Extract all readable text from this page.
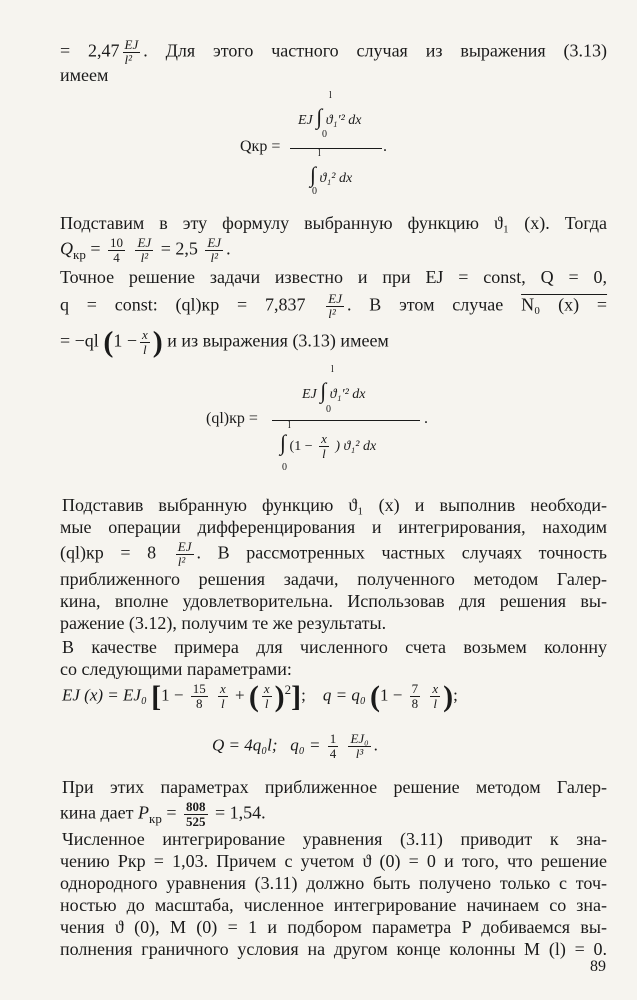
= $2,47 \frac{EJ}{\text{l²}}$ . Для этого частного случая из выражения (3.13)
имеем
Qкр =
EJ ∫ ϑ₁′² dx
l
0
.
∫ ϑ₁² dx
l
0
Подставим в эту формулу выбранную функцию ϑ₁ (x). Тогда
$Q_{кр} = \frac{10}{4}$
$\frac{EJ}{\text{l²}} = 2,5 \frac{EJ}{\text{l²}}$ .
Точное решение задачи известно и при EJ = const, Q = 0,
q = const: $(ql)кр = 7,837 \frac{EJ}{\text{l²}}$ . В этом случае N₀ (x) =
= −ql ($1 - \frac{x}{l}$ ) и из выражения (3.13) имеем
(ql)кр =
EJ ∫ ϑ₁′² dx
l
0
.
∫ ($1 - \frac{x}{l}$ ) ϑ₁² dx
l
0
Подставив выбранную функцию ϑ₁ (x) и выполнив необходи-
мые операции дифференцирования и интегрирования, находим
$(ql)кр = 8 \frac{EJ}{\text{l²}}$ . В рассмотренных частных случаях точность
приближенного решения задачи, полученного методом Галер-
кина, вполне удовлетворительна. Использовав для решения вы-
ражение (3.12), получим те же результаты.
В качестве примера для численного счета возьмем колонну
со следующими параметрами:
EJ (x) = EJ₀ [$1 - \frac{15}{8}$
$\frac{x}{l}$ + ( $\frac{x}{l} )^2$];    q = q₀ ($1 - \frac{7}{8}$
$\frac{x}{l}$ );
Q = 4q₀l; $q_0 = \frac{1}{4}$
$\frac{\text{EJ₀}}{\text{l³}}$ .
При этих параметрах приближенное решение методом Галер-
кина дает $P_{кр} = \frac{808}{525} = 1,54$.
Численное интегрирование уравнения (3.11) приводит к зна-
чению Pкр = 1,03. Причем с учетом ϑ (0) = 0 и того, что решение
однородного уравнения (3.11) должно быть получено только с точ-
ностью до масштаба, численное интегрирование начинаем со зна-
чения ϑ (0), M (0) = 1 и подбором параметра P добиваемся вы-
полнения граничного условия на другом конце колонны M (l) = 0.
89
